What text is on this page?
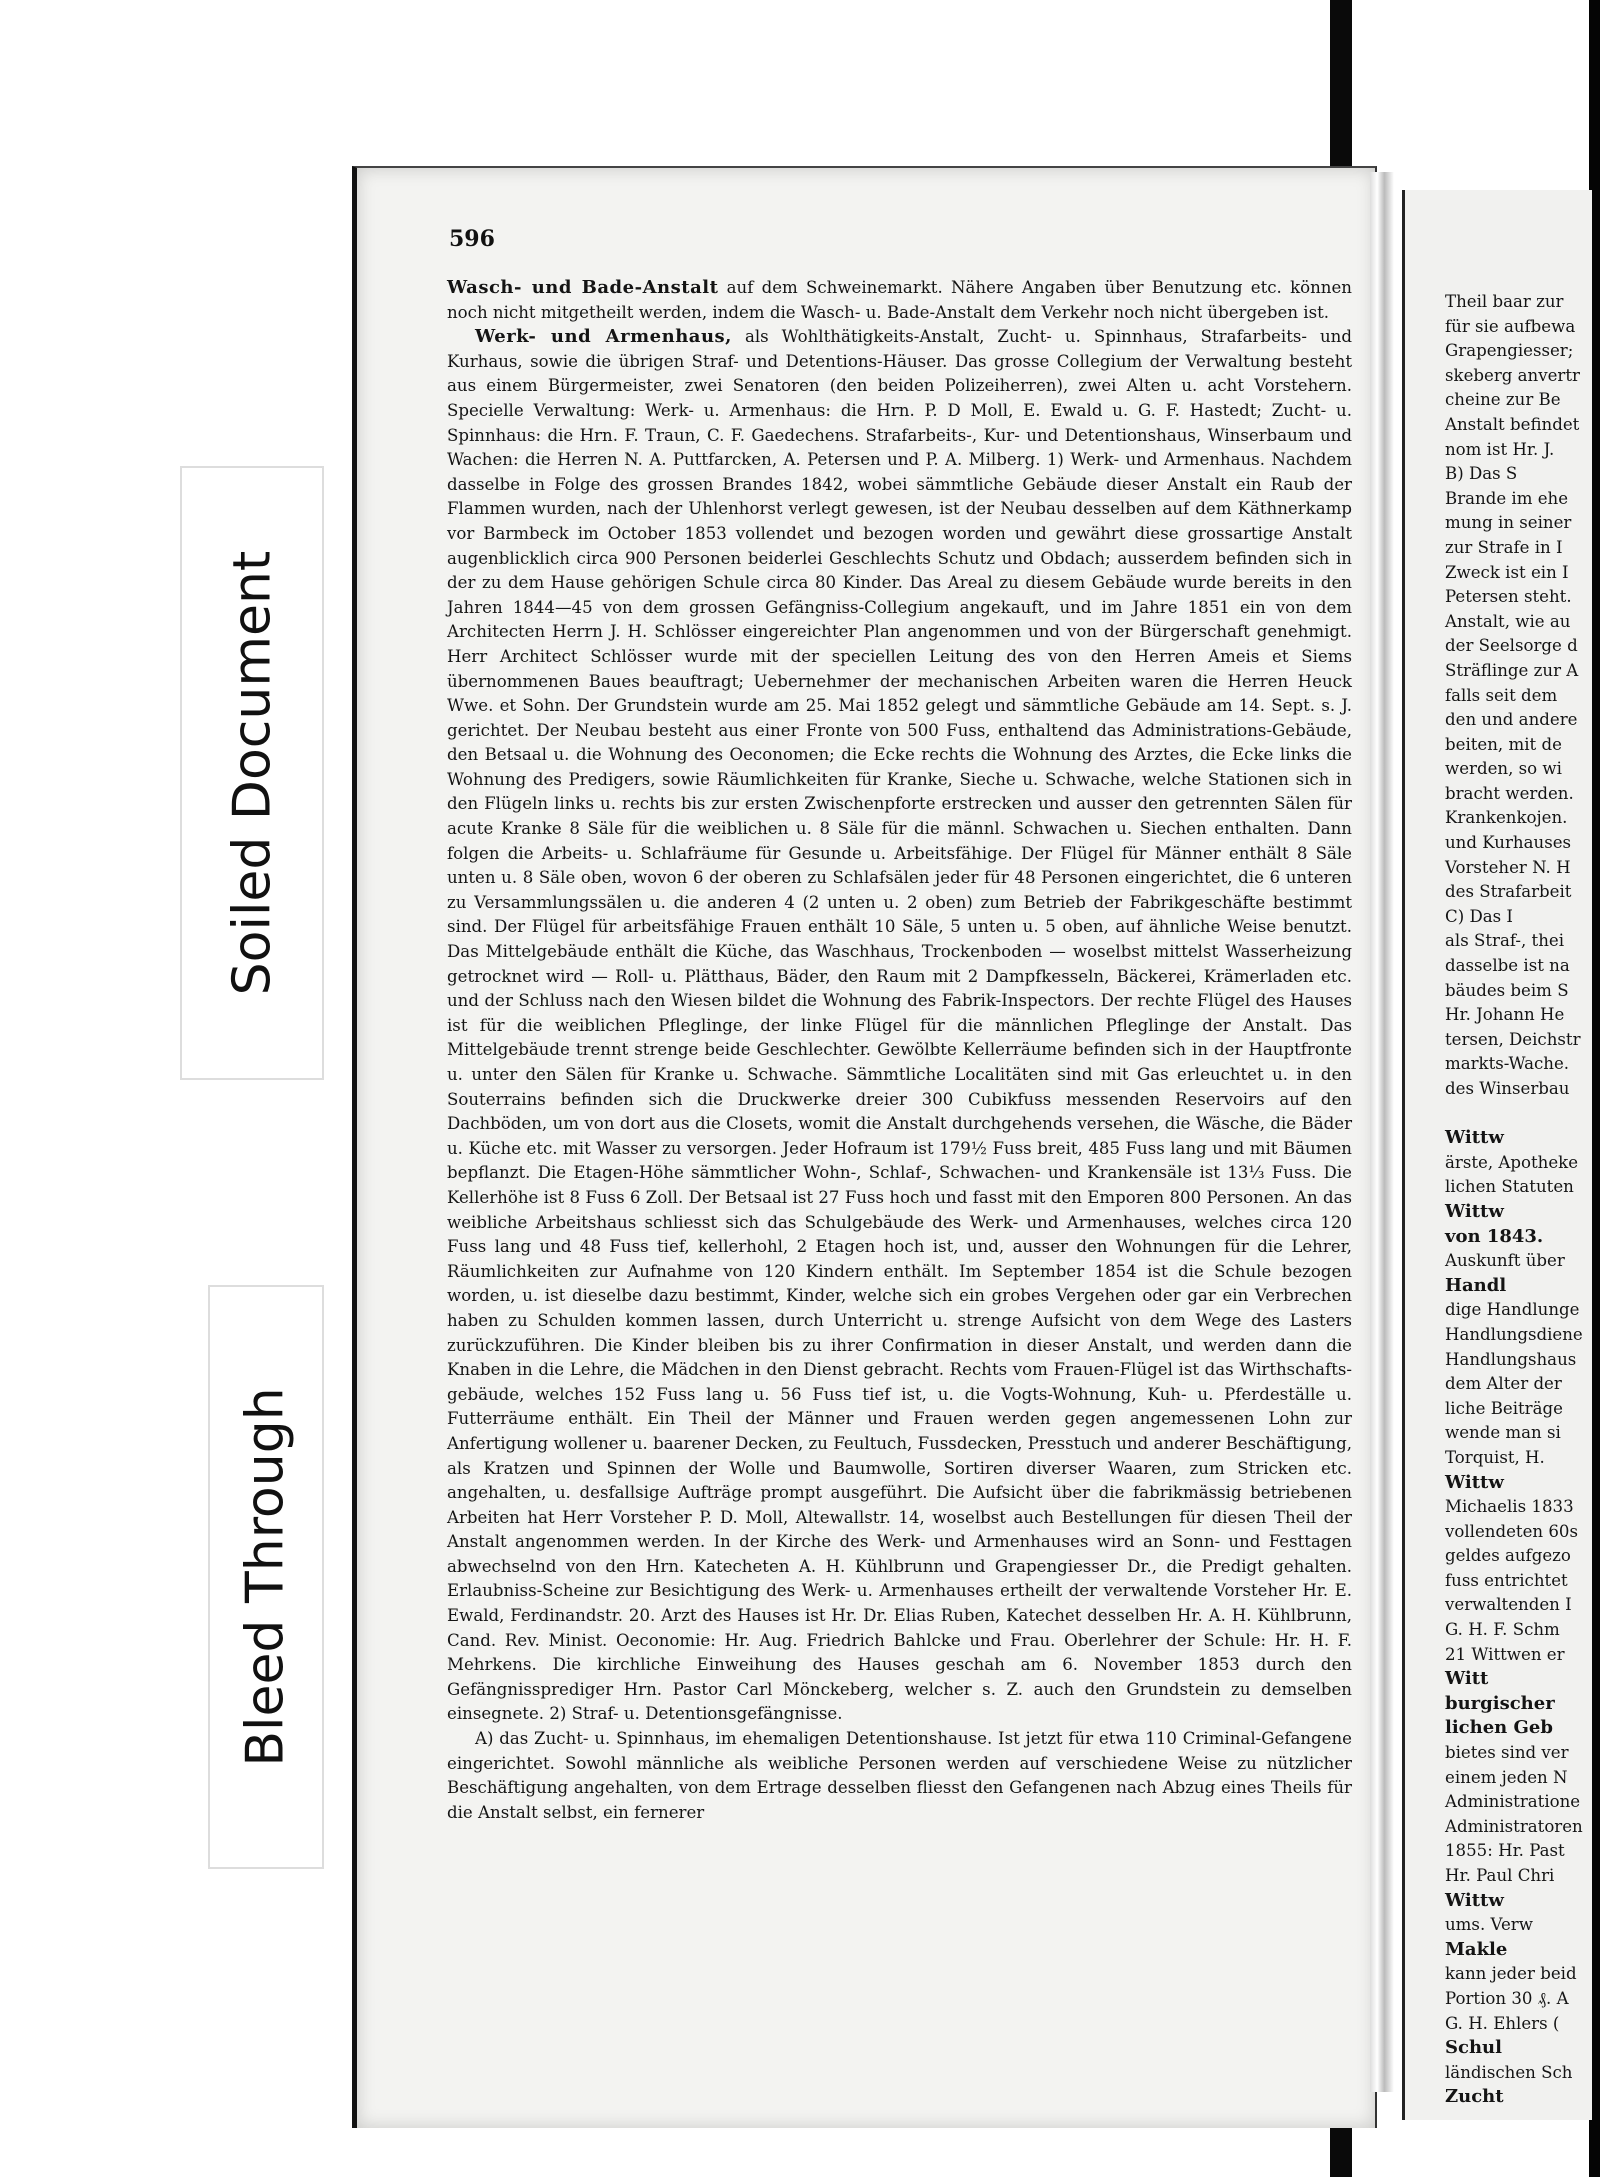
Soiled Document
Bleed Through
596

Wasch- und Bade-Anstalt auf dem Schweinemarkt. Nähere Angaben über Benutzung etc. können noch nicht mitgetheilt werden, indem die Wasch- u. Bade-Anstalt dem Verkehr noch nicht übergeben ist.

Werk- und Armenhaus, als Wohlthätigkeits-Anstalt, Zucht- u. Spinnhaus, Strafarbeits- und Kurhaus, sowie die übrigen Straf- und Detentions-Häuser. Das grosse Collegium der Verwaltung besteht aus einem Bürgermeister, zwei Senatoren (den beiden Polizeiherren), zwei Alten u. acht Vorstehern. Specielle Verwaltung: Werk- u. Armenhaus: die Hrn. P. D Moll, E. Ewald u. G. F. Hastedt; Zucht- u. Spinnhaus: die Hrn. F. Traun, C. F. Gaedechens. Strafarbeits-, Kur- und Detentionshaus, Winserbaum und Wachen: die Herren N. A. Puttfarcken, A. Petersen und P. A. Milberg. 1) Werk- und Armenhaus. Nachdem dasselbe in Folge des grossen Brandes 1842, wobei sämmtliche Gebäude dieser Anstalt ein Raub der Flammen wurden, nach der Uhlenhorst verlegt gewesen, ist der Neubau desselben auf dem Käthnerkamp vor Barmbeck im October 1853 vollendet und bezogen worden und gewährt diese grossartige Anstalt augenblicklich circa 900 Personen beiderlei Geschlechts Schutz und Obdach; ausserdem befinden sich in der zu dem Hause gehörigen Schule circa 80 Kinder. Das Areal zu diesem Gebäude wurde bereits in den Jahren 1844—45 von dem grossen Gefängniss-Collegium angekauft, und im Jahre 1851 ein von dem Architecten Herrn J. H. Schlösser eingereichter Plan angenommen und von der Bürgerschaft genehmigt. Herr Architect Schlösser wurde mit der speciellen Leitung des von den Herren Ameis et Siems übernommenen Baues beauftragt; Uebernehmer der mechanischen Arbeiten waren die Herren Heuck Wwe. et Sohn. Der Grundstein wurde am 25. Mai 1852 gelegt und sämmtliche Gebäude am 14. Sept. s. J. gerichtet. Der Neubau besteht aus einer Fronte von 500 Fuss, enthaltend das Administrations-Gebäude, den Betsaal u. die Wohnung des Oeconomen; die Ecke rechts die Wohnung des Arztes, die Ecke links die Wohnung des Predigers, sowie Räumlichkeiten für Kranke, Sieche u. Schwache, welche Stationen sich in den Flügeln links u. rechts bis zur ersten Zwischenpforte erstrecken und ausser den getrennten Sälen für acute Kranke 8 Säle für die weiblichen u. 8 Säle für die männl. Schwachen u. Siechen enthalten. Dann folgen die Arbeits- u. Schlafräume für Gesunde u. Arbeitsfähige. Der Flügel für Männer enthält 8 Säle unten u. 8 Säle oben, wovon 6 der oberen zu Schlafsälen jeder für 48 Personen eingerichtet, die 6 unteren zu Versammlungssälen u. die anderen 4 (2 unten u. 2 oben) zum Betrieb der Fabrikgeschäfte bestimmt sind. Der Flügel für arbeitsfähige Frauen enthält 10 Säle, 5 unten u. 5 oben, auf ähnliche Weise benutzt. Das Mittelgebäude enthält die Küche, das Waschhaus, Trockenboden — woselbst mittelst Wasserheizung getrocknet wird — Roll- u. Plätthaus, Bäder, den Raum mit 2 Dampfkesseln, Bäckerei, Krämerladen etc. und der Schluss nach den Wiesen bildet die Wohnung des Fabrik-Inspectors. Der rechte Flügel des Hauses ist für die weiblichen Pfleglinge, der linke Flügel für die männlichen Pfleglinge der Anstalt. Das Mittelgebäude trennt strenge beide Geschlechter. Gewölbte Kellerräume befinden sich in der Hauptfronte u. unter den Sälen für Kranke u. Schwache. Sämmtliche Localitäten sind mit Gas erleuchtet u. in den Souterrains befinden sich die Druckwerke dreier 300 Cubikfuss messenden Reservoirs auf den Dachböden, um von dort aus die Closets, womit die Anstalt durchgehends versehen, die Wäsche, die Bäder u. Küche etc. mit Wasser zu versorgen. Jeder Hofraum ist 179½ Fuss breit, 485 Fuss lang und mit Bäumen bepflanzt. Die Etagen-Höhe sämmtlicher Wohn-, Schlaf-, Schwachen- und Krankensäle ist 13⅓ Fuss. Die Kellerhöhe ist 8 Fuss 6 Zoll. Der Betsaal ist 27 Fuss hoch und fasst mit den Emporen 800 Personen. An das weibliche Arbeitshaus schliesst sich das Schulgebäude des Werk- und Armenhauses, welches circa 120 Fuss lang und 48 Fuss tief, kellerhohl, 2 Etagen hoch ist, und, ausser den Wohnungen für die Lehrer, Räumlichkeiten zur Aufnahme von 120 Kindern enthält. Im September 1854 ist die Schule bezogen worden, u. ist dieselbe dazu bestimmt, Kinder, welche sich ein grobes Vergehen oder gar ein Verbrechen haben zu Schulden kommen lassen, durch Unterricht u. strenge Aufsicht von dem Wege des Lasters zurückzuführen. Die Kinder bleiben bis zu ihrer Confirmation in dieser Anstalt, und werden dann die Knaben in die Lehre, die Mädchen in den Dienst gebracht. Rechts vom Frauen-Flügel ist das Wirthschafts-gebäude, welches 152 Fuss lang u. 56 Fuss tief ist, u. die Vogts-Wohnung, Kuh- u. Pferdeställe u. Futterräume enthält. Ein Theil der Männer und Frauen werden gegen angemessenen Lohn zur Anfertigung wollener u. baarener Decken, zu Feultuch, Fussdecken, Presstuch und anderer Beschäftigung, als Kratzen und Spinnen der Wolle und Baumwolle, Sortiren diverser Waaren, zum Stricken etc. angehalten, u. desfallsige Aufträge prompt ausgeführt. Die Aufsicht über die fabrikmässig betriebenen Arbeiten hat Herr Vorsteher P. D. Moll, Altewallstr. 14, woselbst auch Bestellungen für diesen Theil der Anstalt angenommen werden. In der Kirche des Werk- und Armenhauses wird an Sonn- und Festtagen abwechselnd von den Hrn. Katecheten A. H. Kühlbrunn und Grapengiesser Dr., die Predigt gehalten. Erlaubniss-Scheine zur Besichtigung des Werk- u. Armenhauses ertheilt der verwaltende Vorsteher Hr. E. Ewald, Ferdinandstr. 20. Arzt des Hauses ist Hr. Dr. Elias Ruben, Katechet desselben Hr. A. H. Kühlbrunn, Cand. Rev. Minist. Oeconomie: Hr. Aug. Friedrich Bahlcke und Frau. Oberlehrer der Schule: Hr. H. F. Mehrkens. Die kirchliche Einweihung des Hauses geschah am 6. November 1853 durch den Gefängnissprediger Hrn. Pastor Carl Mönckeberg, welcher s. Z. auch den Grundstein zu demselben einsegnete. 2) Straf- u. Detentionsgefängnisse.

A) das Zucht- u. Spinnhaus, im ehemaligen Detentionshause. Ist jetzt für etwa 110 Criminal-Gefangene eingerichtet. Sowohl männliche als weibliche Personen werden auf verschiedene Weise zu nützlicher Beschäftigung angehalten, von dem Ertrage desselben fliesst den Gefangenen nach Abzug eines Theils für die Anstalt selbst, ein fernerer

Theil baar zur
für sie aufbewa
Grapengiesser;
skeberg anvertr
cheine zur Be
Anstalt befindet
nom ist Hr. J.
B) Das S
Brande im ehe
mung in seiner
zur Strafe in I
Zweck ist ein I
Petersen steht.
Anstalt, wie au
der Seelsorge d
Sträflinge zur A
falls seit dem
den und andere
beiten, mit de
werden, so wi
bracht werden.
Krankenkojen.
und Kurhauses
Vorsteher N. H
des Strafarbeit
C) Das I
als Straf-, thei
dasselbe ist na
bäudes beim S
Hr. Johann He
tersen, Deichstr
markts-Wache.
des Winserbau

Wittw
ärste, Apotheke
lichen Statuten
Wittw
von 1843.
Auskunft über
Handl
dige Handlunge
Handlungsdiene
Handlungshaus
dem Alter der
liche Beiträge
wende man si
Torquist, H.
Wittw
Michaelis 1833
vollendeten 60s
geldes aufgezo
fuss entrichtet
verwaltenden I
G. H. F. Schm
21 Wittwen er
Witt
burgischer
lichen Geb
bietes sind ver
einem jeden N
Administratione
Administratoren
1855: Hr. Past
Hr. Paul Chri
Wittw
ums. Verw
Makle
kann jeder beid
Portion 30 ₰. A
G. H. Ehlers (
Schul
ländischen Sch
Zucht
